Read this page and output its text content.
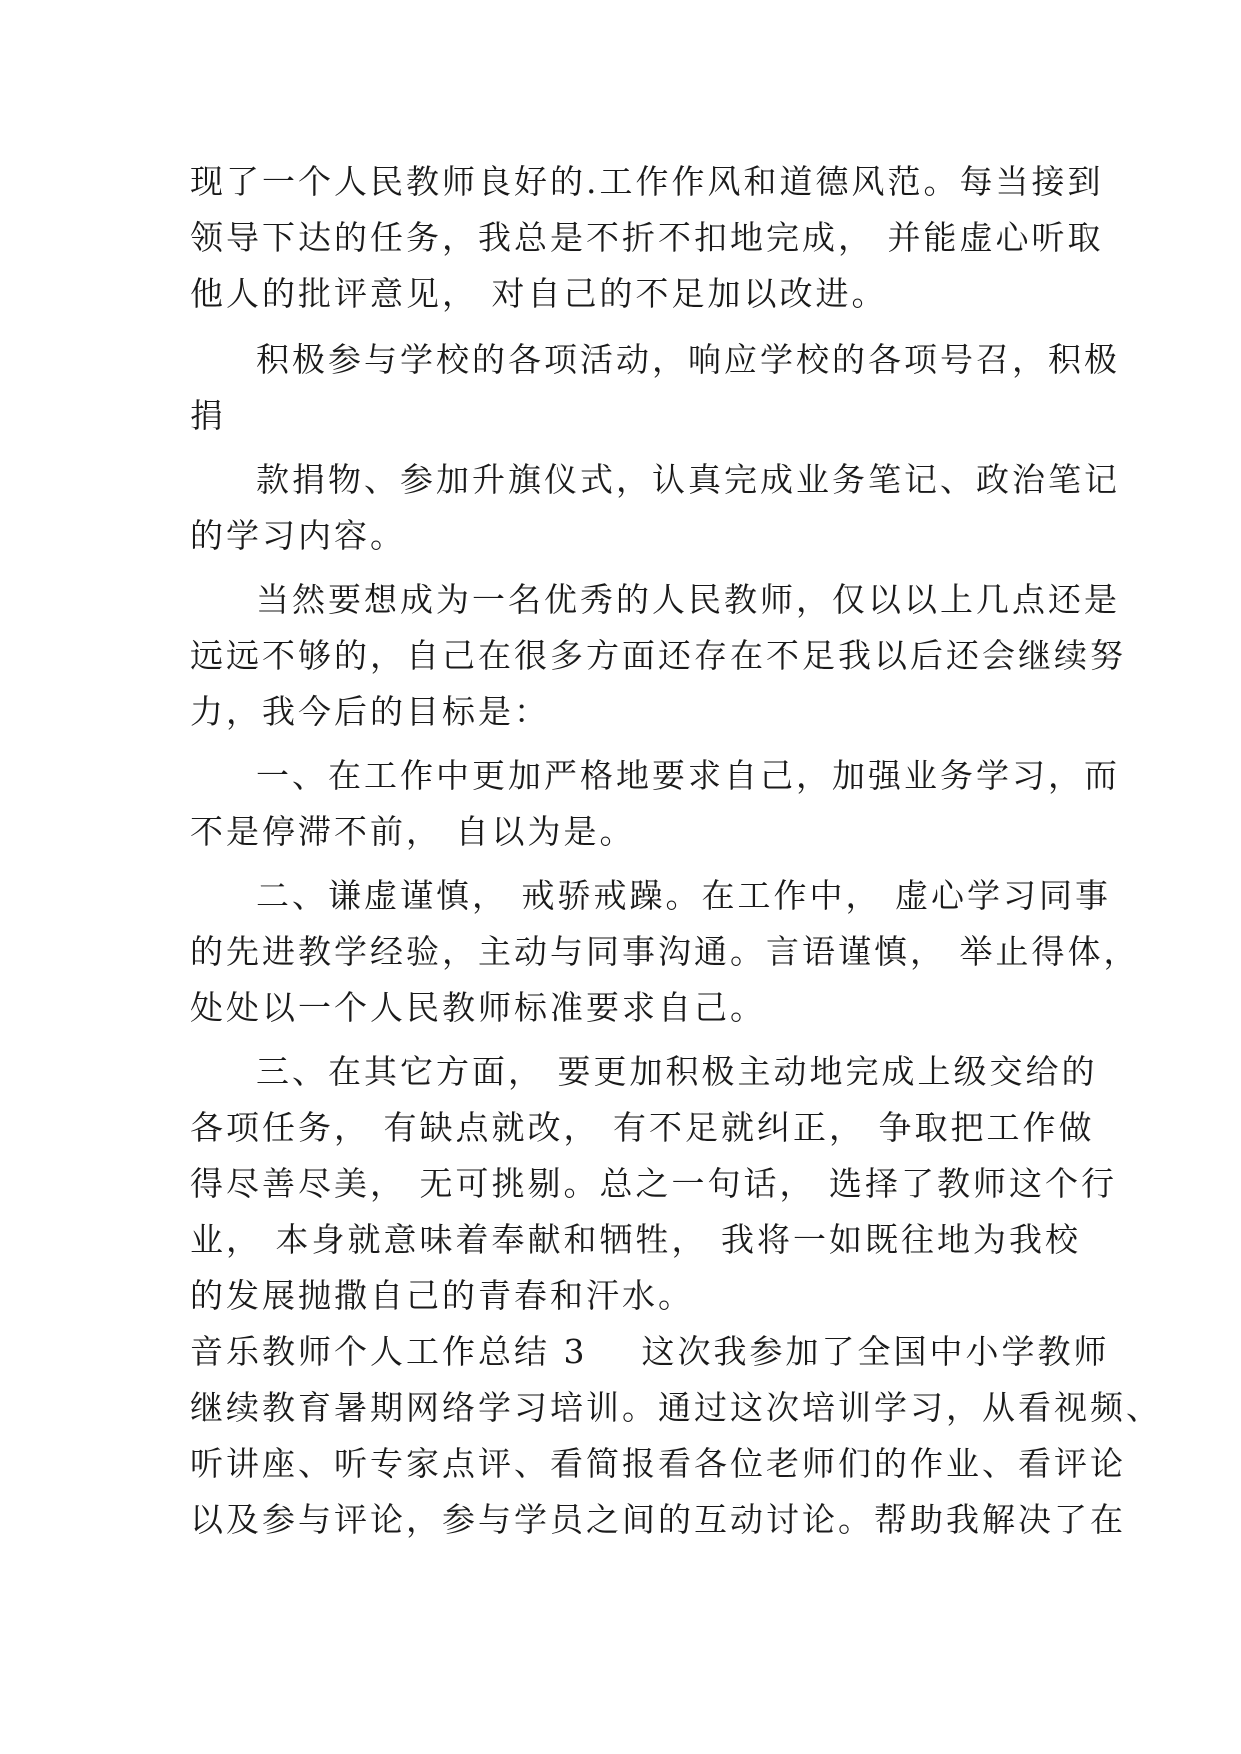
现了一个人民教师良好的.工作作风和道德风范。每当接到
领导下达的任务，我总是不折不扣地完成， 并能虚心听取
他人的批评意见， 对自己的不足加以改进。
积极参与学校的各项活动，响应学校的各项号召，积极
捐
款捐物、参加升旗仪式，认真完成业务笔记、政治笔记
的学习内容。
当然要想成为一名优秀的人民教师，仅以以上几点还是
远远不够的，自己在很多方面还存在不足我以后还会继续努
力，我今后的目标是：
一、在工作中更加严格地要求自己，加强业务学习，而
不是停滞不前， 自以为是。
二、谦虚谨慎， 戒骄戒躁。在工作中， 虚心学习同事
的先进教学经验，主动与同事沟通。言语谨慎， 举止得体，
处处以一个人民教师标准要求自己。
三、在其它方面， 要更加积极主动地完成上级交给的
各项任务， 有缺点就改， 有不足就纠正， 争取把工作做
得尽善尽美， 无可挑剔。总之一句话， 选择了教师这个行
业， 本身就意味着奉献和牺牲， 我将一如既往地为我校
的发展抛撒自己的青春和汗水。
音乐教师个人工作总结 3    这次我参加了全国中小学教师
继续教育暑期网络学习培训。通过这次培训学习，从看视频、
听讲座、听专家点评、看简报看各位老师们的作业、看评论
以及参与评论，参与学员之间的互动讨论。帮助我解决了在
